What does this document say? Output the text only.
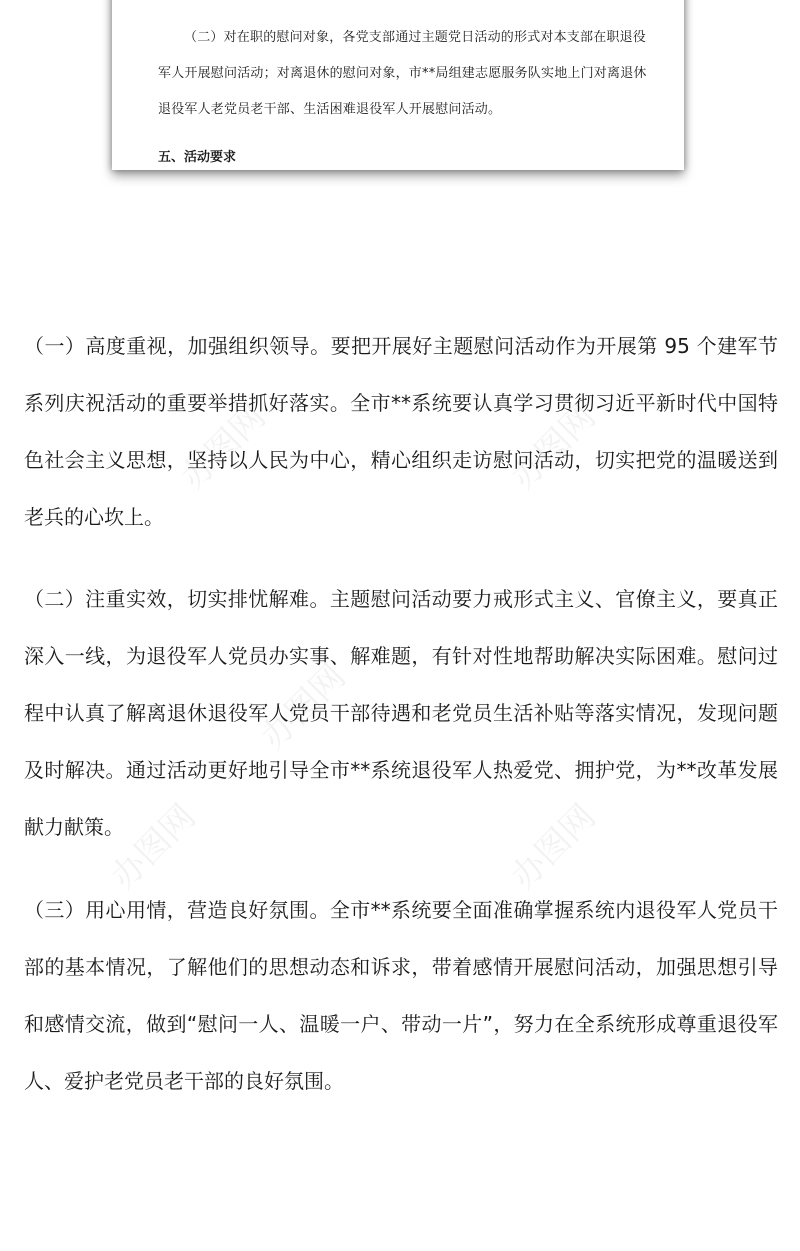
办图网	办图网
办图网
办图网
办图网

（二）对在职的慰问对象，各党支部通过主题党日活动的形式对本支部在职退役军人开展慰问活动；对离退休的慰问对象，市**局组建志愿服务队实地上门对离退休退役军人老党员老干部、生活困难退役军人开展慰问活动。

五、活动要求

（一）高度重视，加强组织领导。要把开展好主题慰问活动作为开展第 95 个建军节系列庆祝活动的重要举措抓好落实。全市**系统要认真学习贯彻习近平新时代中国特色社会主义思想，坚持以人民为中心，精心组织走访慰问活动，切实把党的温暖送到老兵的心坎上。

（二）注重实效，切实排忧解难。主题慰问活动要力戒形式主义、官僚主义，要真正深入一线，为退役军人党员办实事、解难题，有针对性地帮助解决实际困难。慰问过程中认真了解离退休退役军人党员干部待遇和老党员生活补贴等落实情况，发现问题及时解决。通过活动更好地引导全市**系统退役军人热爱党、拥护党，为**改革发展献力献策。

（三）用心用情，营造良好氛围。全市**系统要全面准确掌握系统内退役军人党员干部的基本情况，了解他们的思想动态和诉求，带着感情开展慰问活动，加强思想引导和感情交流，做到“慰问一人、温暖一户、带动一片”，努力在全系统形成尊重退役军人、爱护老党员老干部的良好氛围。
